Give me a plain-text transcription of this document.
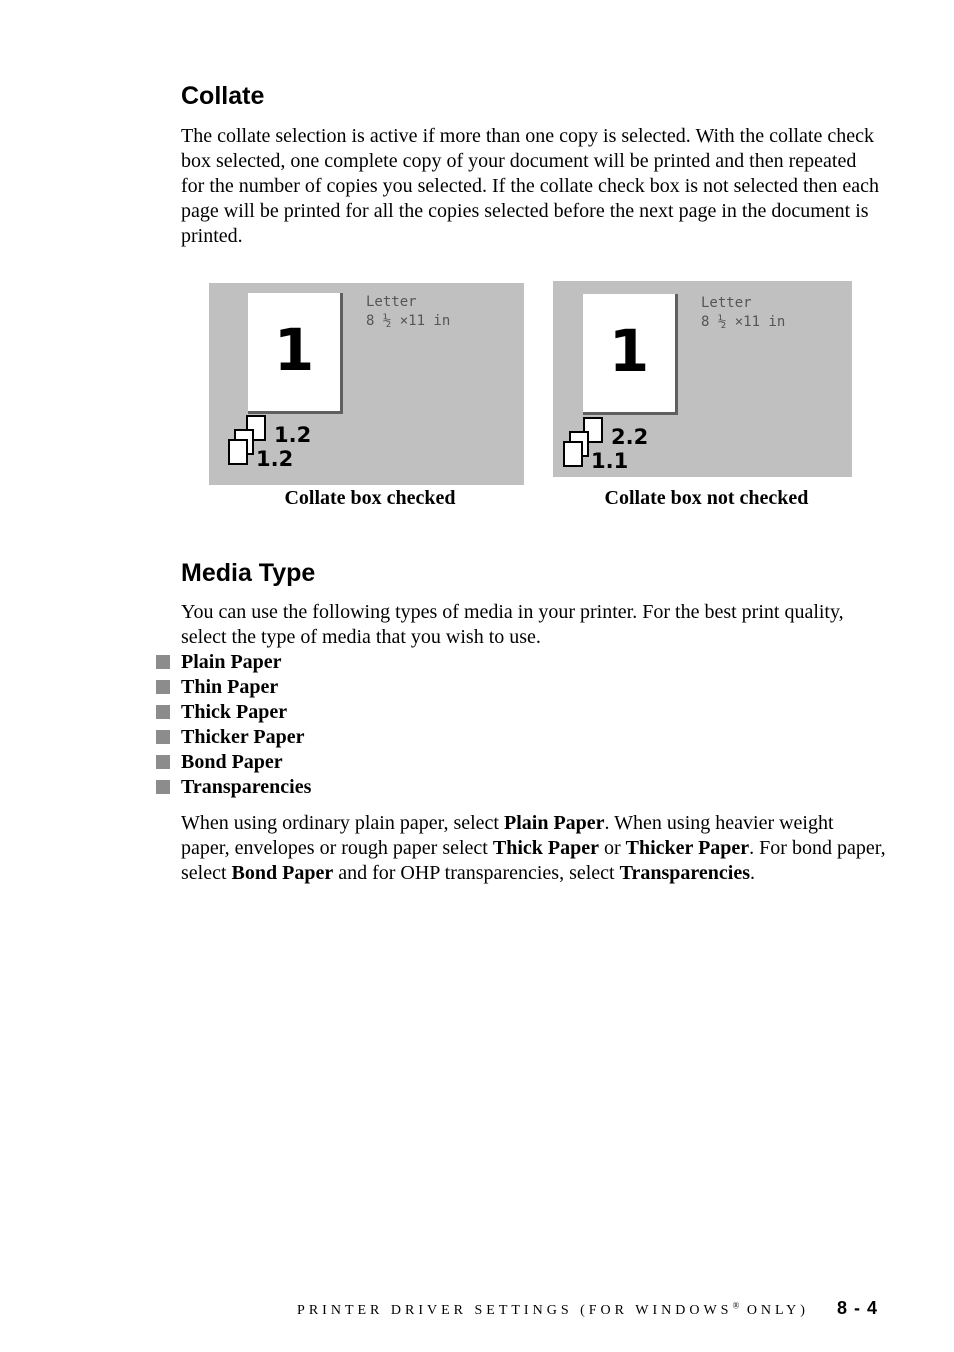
Collate

The collate selection is active if more than one copy is selected. With the collate check box selected, one complete copy of your document will be printed and then repeated for the number of copies you selected. If the collate check box is not selected then each page will be printed for all the copies selected before the next page in the document is printed.

1
Letter
8 ½ ×11 in
1.2
1.2
Collate box checked
1
Letter
8 ½ ×11 in
2.2
1.1
Collate box not checked
Media Type

You can use the following types of media in your printer. For the best print quality, select the type of media that you wish to use.

Plain Paper
Thin Paper
Thick Paper
Thicker Paper
Bond Paper
Transparencies

When using ordinary plain paper, select Plain Paper. When using heavier weight paper, envelopes or rough paper select Thick Paper or Thicker Paper. For bond paper, select Bond Paper and for OHP transparencies, select Transparencies.

PRINTER DRIVER SETTINGS (FOR WINDOWS® ONLY) 8 - 4
